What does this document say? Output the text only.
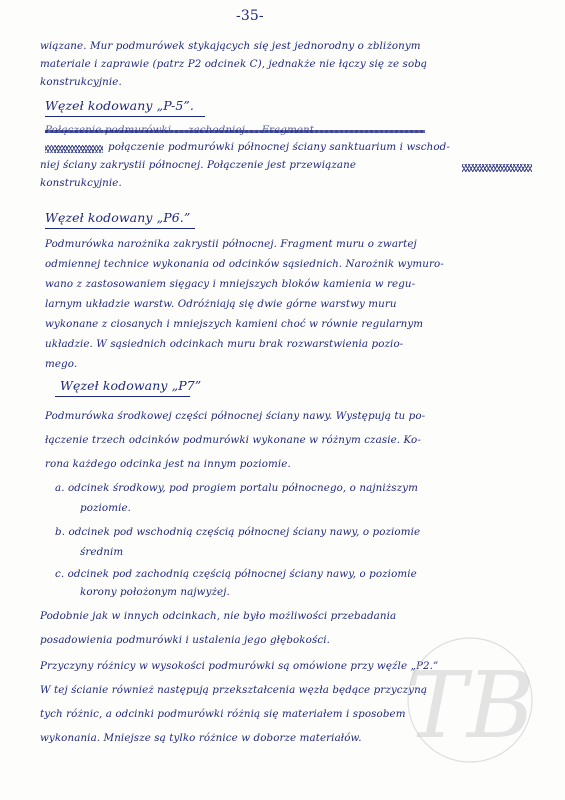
-35-
wiązane. Mur podmurówek stykających się jest jednorodny o zbliżonym
materiale i zaprawie (patrz P2 odcinek C), jednakże nie łączy się ze sobą
konstrukcyjnie.
Węzeł kodowany „P-5”.
połączenie podmurówki północnej ściany sanktuarium i wschod-
niej ściany zakrystii północnej. Połączenie jest przewiązane
konstrukcyjnie.
Węzeł kodowany „P6.”
Podmurówka narożnika zakrystii północnej. Fragment muru o zwartej
odmiennej technice wykonania od odcinków sąsiednich. Narożnik wymuro-
wano z zastosowaniem sięgacy i mniejszych bloków kamienia w regu-
larnym układzie warstw. Odróżniają się dwie górne warstwy muru
wykonane z ciosanych i mniejszych kamieni choć w równie regularnym
układzie. W sąsiednich odcinkach muru brak rozwarstwienia pozio-
mego.
Węzeł kodowany „P7”
Podmurówka środkowej części północnej ściany nawy. Występują tu po-
łączenie trzech odcinków podmurówki wykonane w różnym czasie. Ko-
rona każdego odcinka jest na innym poziomie.
a. odcinek środkowy, pod progiem portalu północnego, o najniższym
poziomie.
b. odcinek pod wschodnią częścią północnej ściany nawy, o poziomie
średnim
c. odcinek pod zachodnią częścią północnej ściany nawy, o poziomie
korony położonym najwyżej.
Podobnie jak w innych odcinkach, nie było możliwości przebadania
posadowienia podmurówki i ustalenia jego głębokości.
Przyczyny różnicy w wysokości podmurówki są omówione przy węźle „P2.”
W tej ścianie również następują przekształcenia węzła będące przyczyną
tych różnic, a odcinki podmurówki różnią się materiałem i sposobem
wykonania. Mniejsze są tylko różnice w doborze materiałów. TB
